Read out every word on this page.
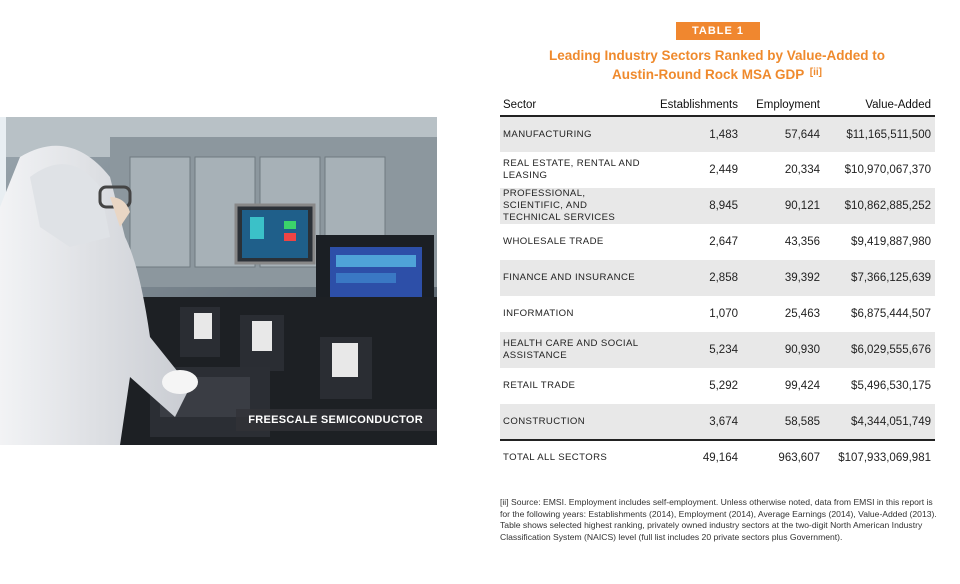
FREESCALE SEMICONDUCTOR
TABLE 1
Leading Industry Sectors Ranked by Value-Added to
Austin-Round Rock MSA GDP [ii]
Sector	Establishments	Employment	Value-Added
MANUFACTURING	1,483	57,644	$11,165,511,500
REAL ESTATE, RENTAL AND LEASING	2,449	20,334	$10,970,067,370
PROFESSIONAL, SCIENTIFIC, AND TECHNICAL SERVICES	8,945	90,121	$10,862,885,252
WHOLESALE TRADE	2,647	43,356	$9,419,887,980
FINANCE AND INSURANCE	2,858	39,392	$7,366,125,639
INFORMATION	1,070	25,463	$6,875,444,507
HEALTH CARE AND SOCIAL ASSISTANCE	5,234	90,930	$6,029,555,676
RETAIL TRADE	5,292	99,424	$5,496,530,175
CONSTRUCTION	3,674	58,585	$4,344,051,749
TOTAL ALL SECTORS	49,164	963,607	$107,933,069,981
[ii] Source: EMSI. Employment includes self-employment. Unless otherwise noted, data from EMSI in this report is for the following years: Establishments (2014), Employment (2014), Average Earnings (2014), Value-Added (2013). Table shows selected highest ranking, privately owned industry sectors at the two-digit North American Industry Classification System (NAICS) level (full list includes 20 private sectors plus Government).
